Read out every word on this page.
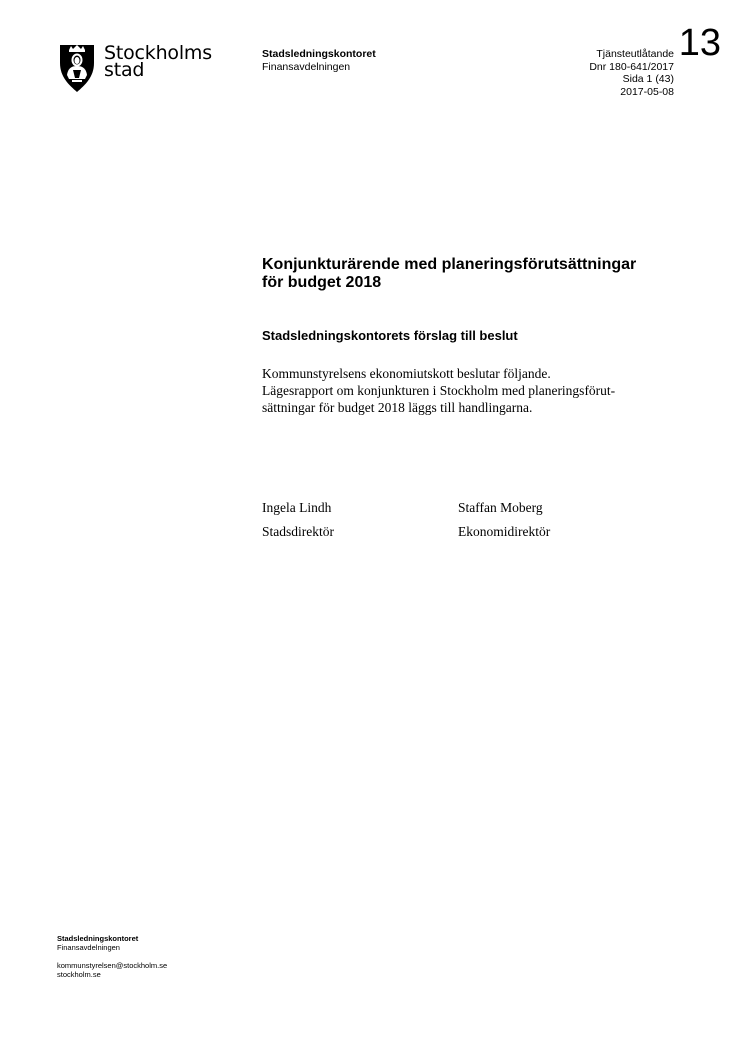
Stockholms
stad
Stadsledningskontoret
Finansavdelningen
13
Tjänsteutlåtande
Dnr 180-641/2017
Sida 1 (43)
2017-05-08
Konjunkturärende med planeringsförutsättningar
för budget 2018
Stadsledningskontorets förslag till beslut
Kommunstyrelsens ekonomiutskott beslutar följande.
Lägesrapport om konjunkturen i Stockholm med planeringsförut-
sättningar för budget 2018 läggs till handlingarna.
Ingela Lindh
Stadsdirektör
Staffan Moberg
Ekonomidirektör
Stadsledningskontoret
Finansavdelningen
kommunstyrelsen@stockholm.se
stockholm.se
